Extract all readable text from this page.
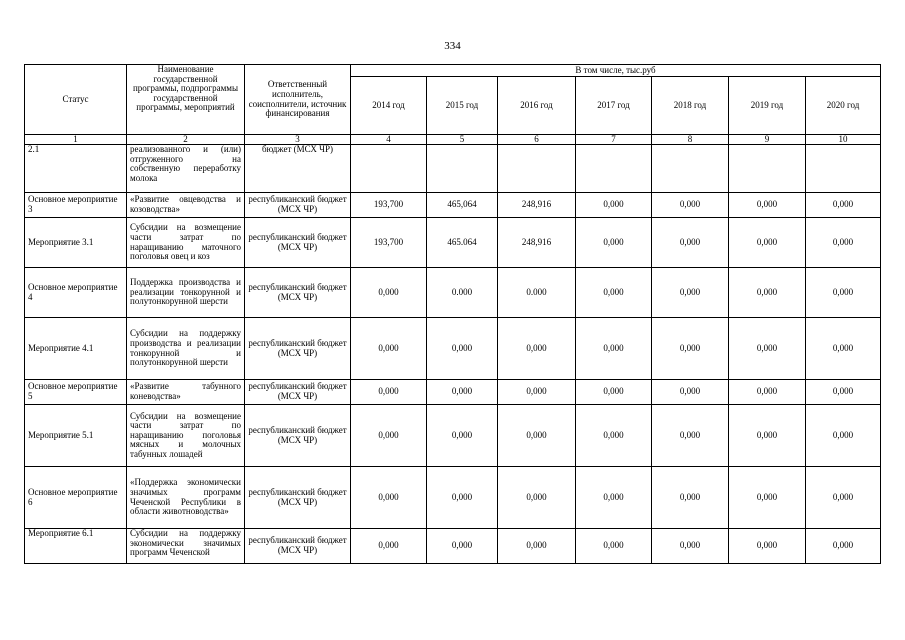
334
Статус	Наименование государственной программы, подпрограммы государственной программы, мероприятий	Ответственный исполнитель, соисполнители, источник финансирования	В том числе, тыс.руб						
			2014 год	2015 год	2016 год	2017 год	2018 год	2019 год	2020 год
1	2	3	4	5	6	7	8	9	10
2.1	реализованного и (или) отгруженного на собственную переработку молока	бюджет (МСХ ЧР)							
Основное мероприятие 3	«Развитие овцеводства и козоводства»	республиканский бюджет (МСХ ЧР)	193,700	465,064	248,916	0,000	0,000	0,000	0,000
Мероприятие 3.1	Субсидии на возмещение части затрат по наращиванию маточного поголовья овец и коз	республиканский бюджет (МСХ ЧР)	193,700	465.064	248,916	0,000	0,000	0,000	0,000
Основное мероприятие 4	Поддержка производства и реализации тонкорунной и полутонкорунной шерсти	республиканский бюджет (МСХ ЧР)	0,000	0.000	0.000	0,000	0,000	0,000	0,000
Мероприятие 4.1	Субсидии на поддержку производства и реализации тонкорунной и полутонкорунной шерсти	республиканский бюджет (МСХ ЧР)	0,000	0,000	0,000	0,000	0,000	0,000	0,000
Основное мероприятие 5	«Развитие табунного коневодства»	республиканский бюджет (МСХ ЧР)	0,000	0,000	0,000	0,000	0,000	0,000	0,000
Мероприятие 5.1	Субсидии на возмещение части затрат по наращиванию поголовья мясных и молочных табунных лошадей	республиканский бюджет (МСХ ЧР)	0,000	0,000	0,000	0,000	0,000	0,000	0,000
Основное мероприятие 6	«Поддержка экономически значимых программ Чеченской Республики в области животноводства»	республиканский бюджет (МСХ ЧР)	0,000	0,000	0,000	0,000	0,000	0,000	0,000
Мероприятие 6.1	Субсидии на поддержку экономически значимых программ Чеченской	республиканский бюджет (МСХ ЧР)	0,000	0,000	0,000	0,000	0,000	0,000	0,000
